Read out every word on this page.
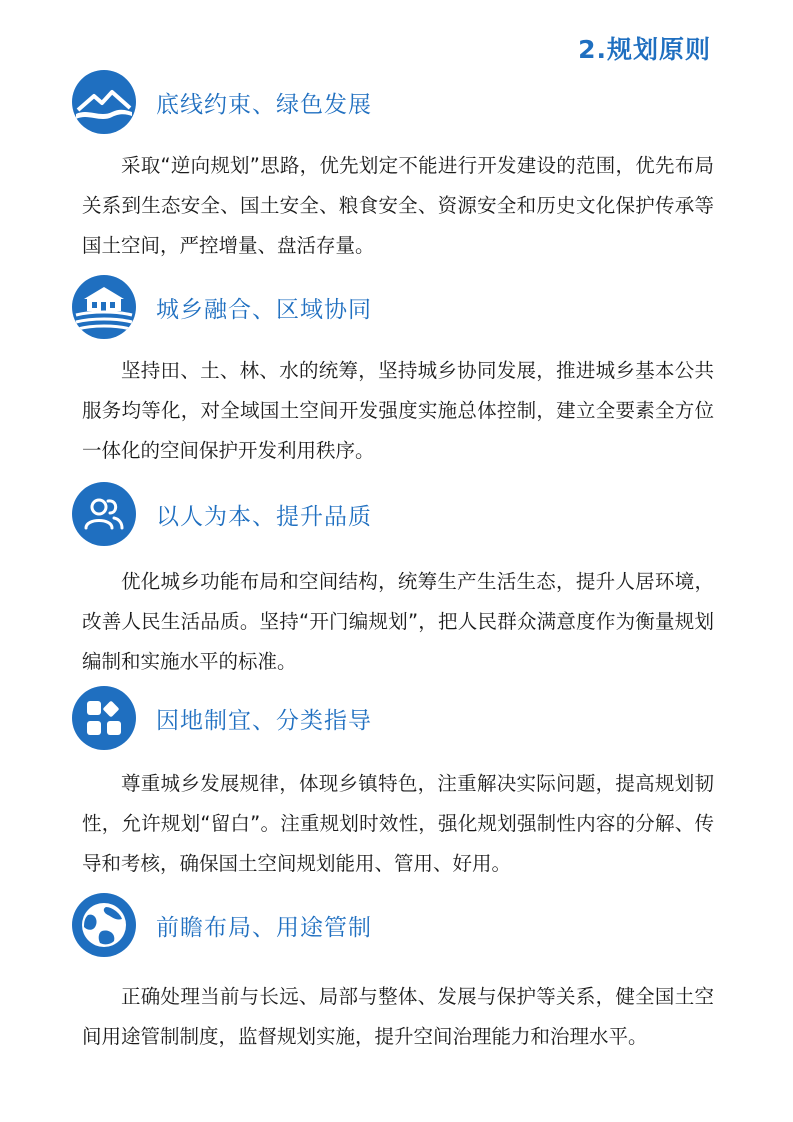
2.规划原则
底线约束、绿色发展
采取“逆向规划”思路，优先划定不能进行开发建设的范围，优先布局关系到生态安全、国土安全、粮食安全、资源安全和历史文化保护传承等国土空间，严控增量、盘活存量。
城乡融合、区域协同
坚持田、土、林、水的统筹，坚持城乡协同发展，推进城乡基本公共服务均等化，对全域国土空间开发强度实施总体控制，建立全要素全方位一体化的空间保护开发利用秩序。
以人为本、提升品质
优化城乡功能布局和空间结构，统筹生产生活生态，提升人居环境，改善人民生活品质。坚持“开门编规划”，把人民群众满意度作为衡量规划编制和实施水平的标准。
因地制宜、分类指导
尊重城乡发展规律，体现乡镇特色，注重解决实际问题，提高规划韧性，允许规划“留白”。注重规划时效性，强化规划强制性内容的分解、传导和考核，确保国土空间规划能用、管用、好用。
前瞻布局、用途管制
正确处理当前与长远、局部与整体、发展与保护等关系，健全国土空间用途管制制度，监督规划实施，提升空间治理能力和治理水平。
